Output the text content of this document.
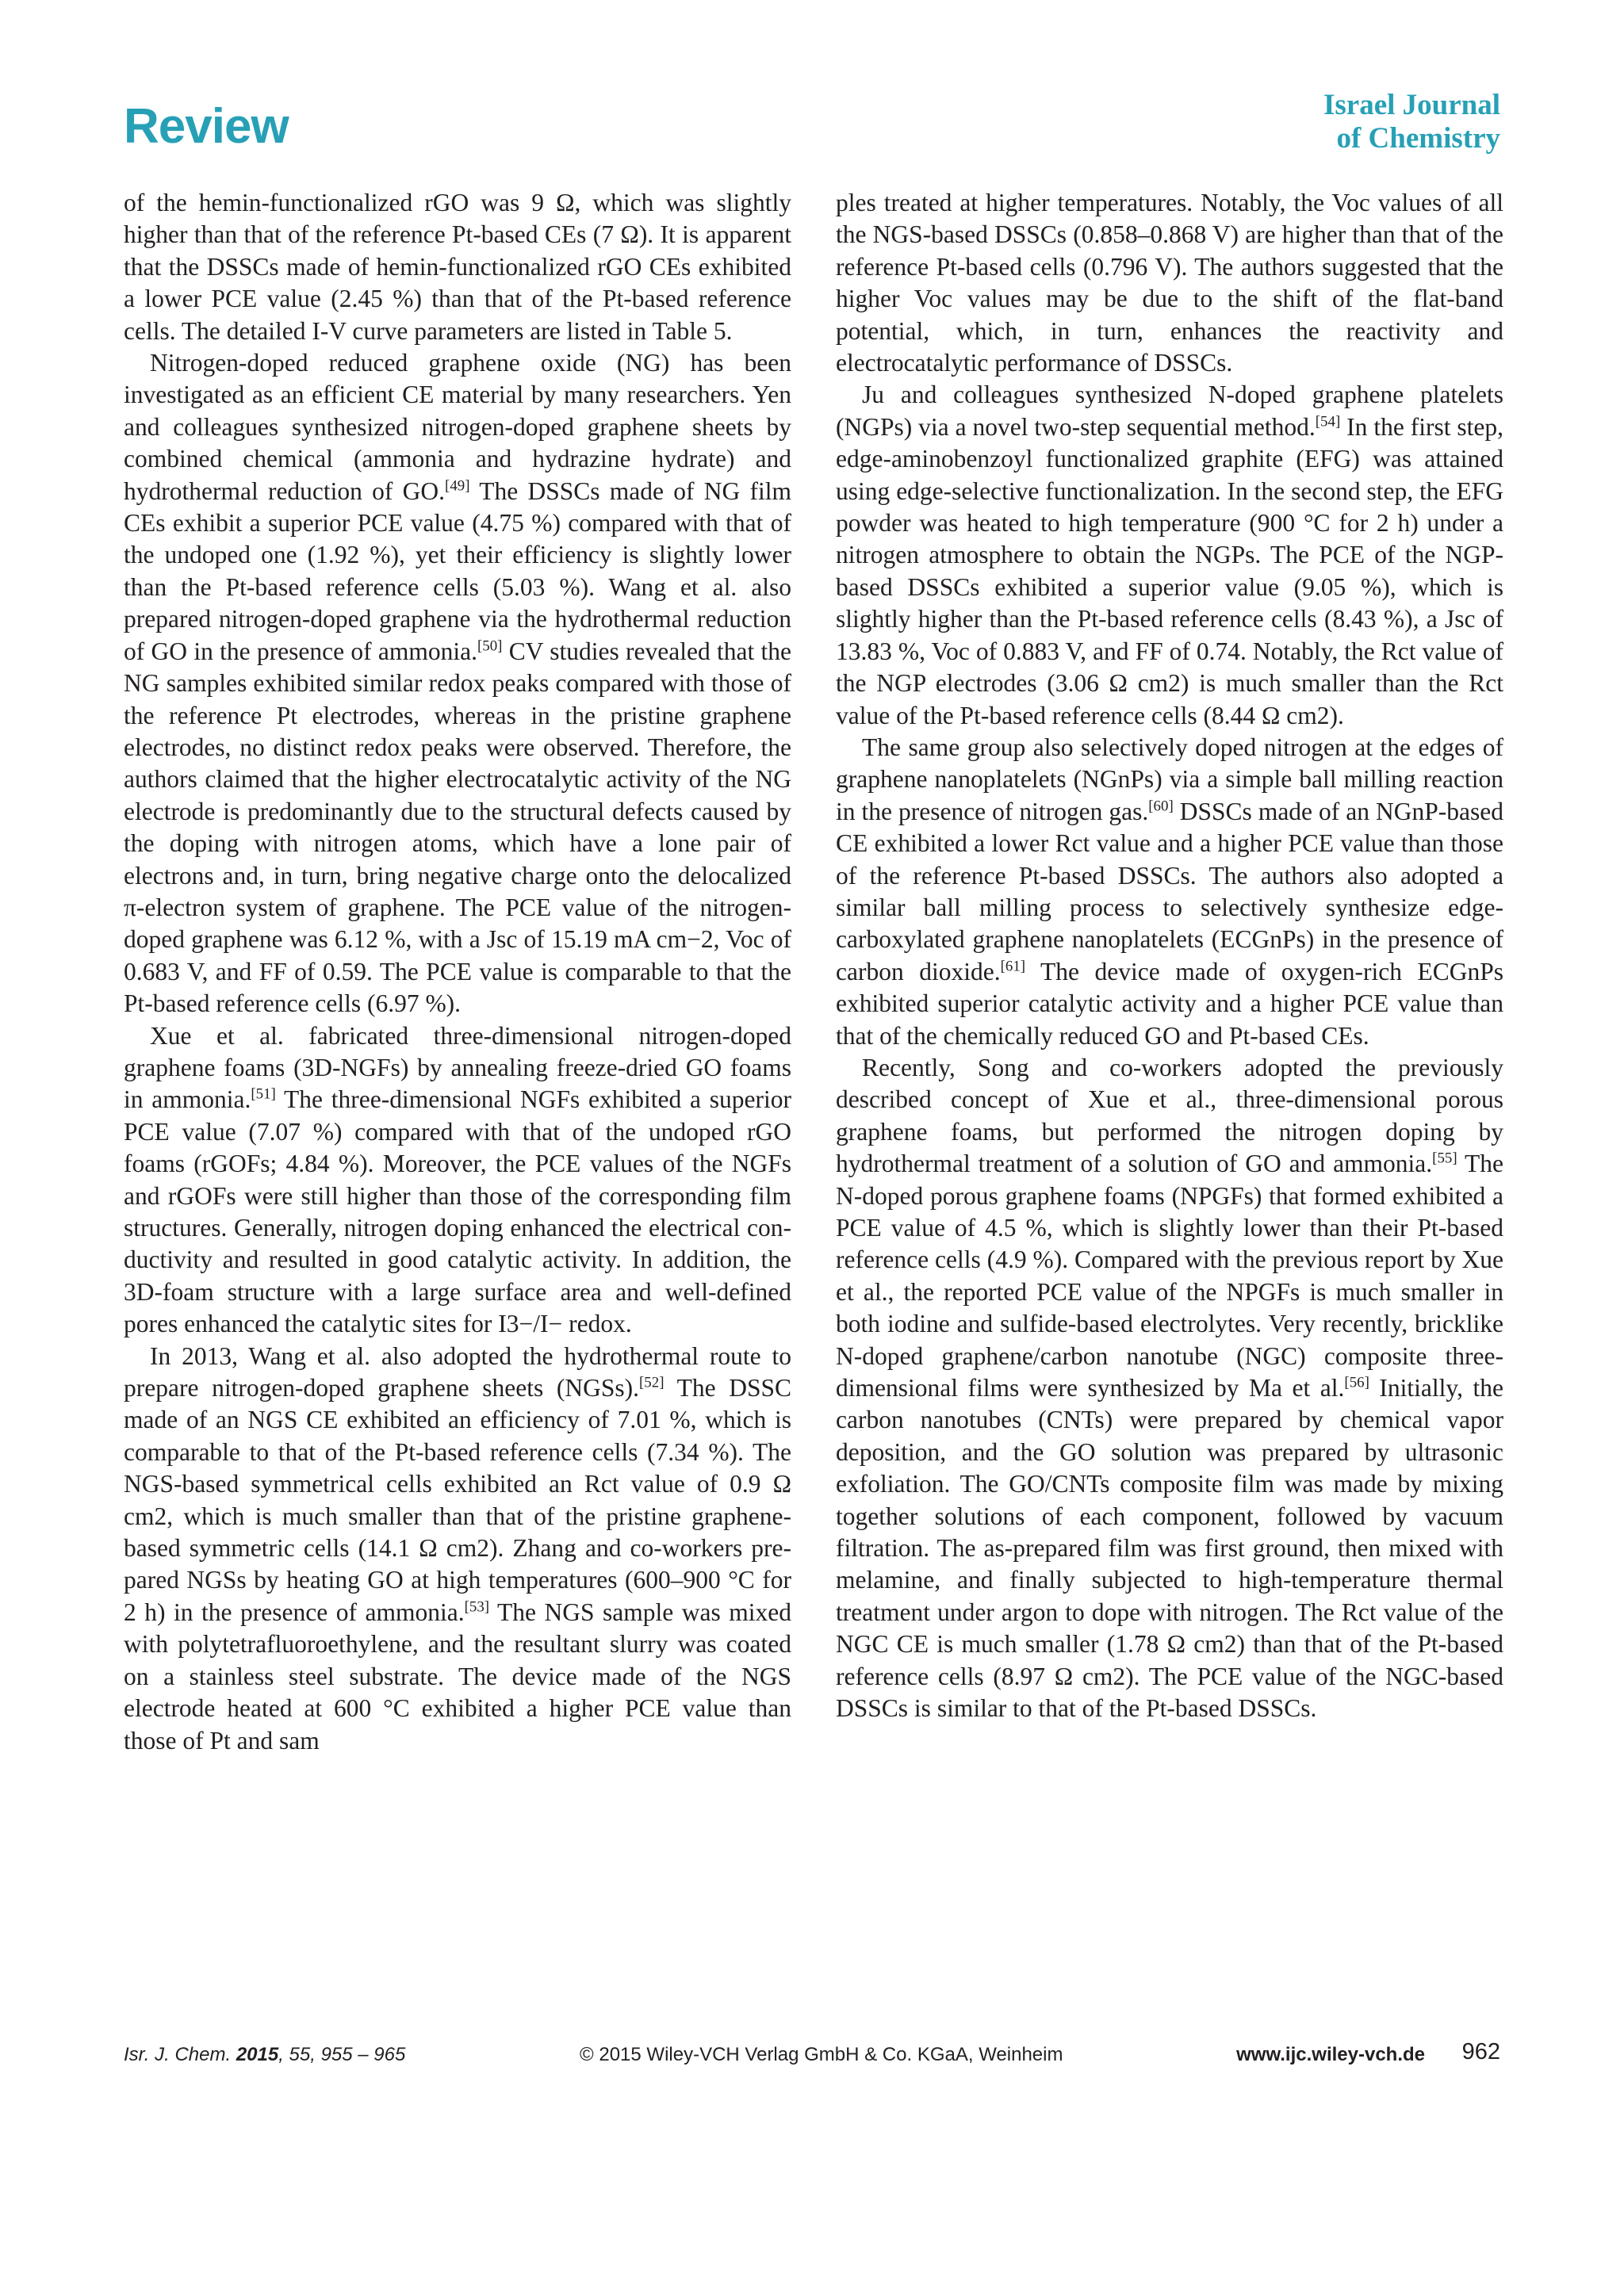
Review	Israel Journal
of Chemistry

of the hemin-functionalized rGO was 9 Ω, which was slightly higher than that of the reference Pt-based CEs (7 Ω). It is apparent that the DSSCs made of hemin-functionalized rGO CEs exhibited a lower PCE value (2.45 %) than that of the Pt-based reference cells. The detailed I-V curve parameters are listed in Table 5.

Nitrogen-doped reduced graphene oxide (NG) has been investigated as an efficient CE material by many researchers. Yen and colleagues synthesized nitrogen-doped graphene sheets by combined chemical (ammonia and hydrazine hydrate) and hydrothermal reduction of GO.[49] The DSSCs made of NG film CEs exhibit a superior PCE value (4.75 %) compared with that of the undoped one (1.92 %), yet their efficiency is slightly lower than the Pt-based reference cells (5.03 %). Wang et al. also prepared nitrogen-doped graphene via the hydrothermal reduction of GO in the presence of ammonia.[50] CV studies revealed that the NG samples exhibited similar redox peaks compared with those of the reference Pt electrodes, whereas in the pristine graphene electrodes, no distinct redox peaks were observed. Therefore, the authors claimed that the higher electrocatalytic activity of the NG electrode is predominantly due to the structural defects caused by the doping with nitrogen atoms, which have a lone pair of electrons and, in turn, bring negative charge onto the delocalized π-electron system of graphene. The PCE value of the nitrogen-doped graphene was 6.12 %, with a Jsc of 15.19 mA cm−2, Voc of 0.683 V, and FF of 0.59. The PCE value is comparable to that the Pt-based reference cells (6.97 %).

Xue et al. fabricated three-dimensional nitrogen-doped graphene foams (3D-NGFs) by annealing freeze-dried GO foams in ammonia.[51] The three-dimensional NGFs exhibited a superior PCE value (7.07 %) compared with that of the undoped rGO foams (rGOFs; 4.84 %). Moreover, the PCE values of the NGFs and rGOFs were still higher than those of the corresponding film structures. Generally, nitrogen doping enhanced the electrical conductivity and resulted in good catalytic activity. In addition, the 3D-foam structure with a large surface area and well-defined pores enhanced the catalytic sites for I3−/I− redox.

In 2013, Wang et al. also adopted the hydrothermal route to prepare nitrogen-doped graphene sheets (NGSs).[52] The DSSC made of an NGS CE exhibited an efficiency of 7.01 %, which is comparable to that of the Pt-based reference cells (7.34 %). The NGS-based symmetrical cells exhibited an Rct value of 0.9 Ω cm2, which is much smaller than that of the pristine graphene-based symmetric cells (14.1 Ω cm2). Zhang and co-workers prepared NGSs by heating GO at high temperatures (600–900 °C for 2 h) in the presence of ammonia.[53] The NGS sample was mixed with polytetrafluoroethylene, and the resultant slurry was coated on a stainless steel substrate. The device made of the NGS electrode heated at 600 °C exhibited a higher PCE value than those of Pt and sam

ples treated at higher temperatures. Notably, the Voc values of all the NGS-based DSSCs (0.858–0.868 V) are higher than that of the reference Pt-based cells (0.796 V). The authors suggested that the higher Voc values may be due to the shift of the flat-band potential, which, in turn, enhances the reactivity and electrocatalytic performance of DSSCs.

Ju and colleagues synthesized N-doped graphene platelets (NGPs) via a novel two-step sequential method.[54] In the first step, edge-aminobenzoyl functionalized graphite (EFG) was attained using edge-selective functionalization. In the second step, the EFG powder was heated to high temperature (900 °C for 2 h) under a nitrogen atmosphere to obtain the NGPs. The PCE of the NGP-based DSSCs exhibited a superior value (9.05 %), which is slightly higher than the Pt-based reference cells (8.43 %), a Jsc of 13.83 %, Voc of 0.883 V, and FF of 0.74. Notably, the Rct value of the NGP electrodes (3.06 Ω cm2) is much smaller than the Rct value of the Pt-based reference cells (8.44 Ω cm2).

The same group also selectively doped nitrogen at the edges of graphene nanoplatelets (NGnPs) via a simple ball milling reaction in the presence of nitrogen gas.[60] DSSCs made of an NGnP-based CE exhibited a lower Rct value and a higher PCE value than those of the reference Pt-based DSSCs. The authors also adopted a similar ball milling process to selectively synthesize edge-carboxylated graphene nanoplatelets (ECGnPs) in the presence of carbon dioxide.[61] The device made of oxygen-rich ECGnPs exhibited superior catalytic activity and a higher PCE value than that of the chemically reduced GO and Pt-based CEs.

Recently, Song and co-workers adopted the previously described concept of Xue et al., three-dimensional porous graphene foams, but performed the nitrogen doping by hydrothermal treatment of a solution of GO and ammonia.[55] The N-doped porous graphene foams (NPGFs) that formed exhibited a PCE value of 4.5 %, which is slightly lower than their Pt-based reference cells (4.9 %). Compared with the previous report by Xue et al., the reported PCE value of the NPGFs is much smaller in both iodine and sulfide-based electrolytes. Very recently, bricklike N-doped graphene/carbon nanotube (NGC) composite three-dimensional films were synthesized by Ma et al.[56] Initially, the carbon nanotubes (CNTs) were prepared by chemical vapor deposition, and the GO solution was prepared by ultrasonic exfoliation. The GO/CNTs composite film was made by mixing together solutions of each component, followed by vacuum filtration. The as-prepared film was first ground, then mixed with melamine, and finally subjected to high-temperature thermal treatment under argon to dope with nitrogen. The Rct value of the NGC CE is much smaller (1.78 Ω cm2) than that of the Pt-based reference cells (8.97 Ω cm2). The PCE value of the NGC-based DSSCs is similar to that of the Pt-based DSSCs.

Isr. J. Chem. 2015, 55, 955 – 965	© 2015 Wiley-VCH Verlag GmbH & Co. KGaA, Weinheim	www.ijc.wiley-vch.de 962
